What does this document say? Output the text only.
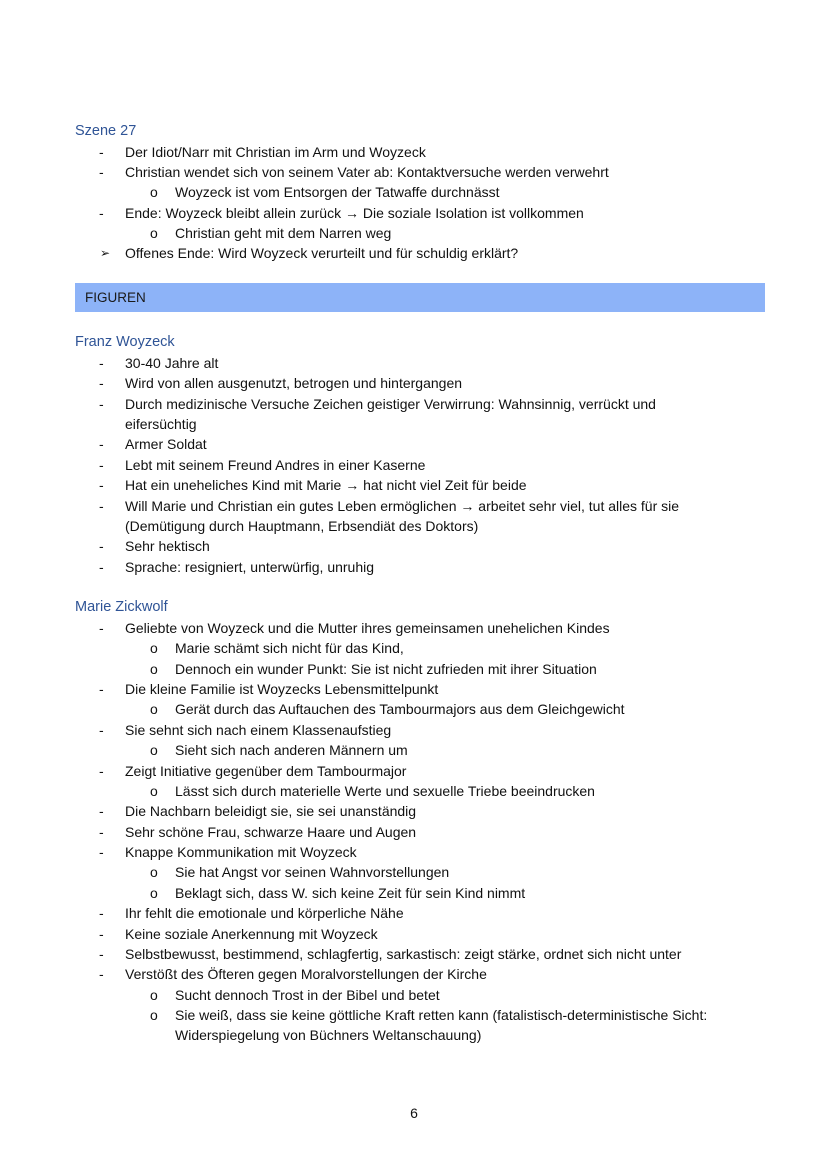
Szene 27
- Der Idiot/Narr mit Christian im Arm und Woyzeck
- Christian wendet sich von seinem Vater ab: Kontaktversuche werden verwehrt
o Woyzeck ist vom Entsorgen der Tatwaffe durchnässt
- Ende: Woyzeck bleibt allein zurück → Die soziale Isolation ist vollkommen
o Christian geht mit dem Narren weg
➢ Offenes Ende: Wird Woyzeck verurteilt und für schuldig erklärt?
FIGUREN
Franz Woyzeck
- 30-40 Jahre alt
- Wird von allen ausgenutzt, betrogen und hintergangen
- Durch medizinische Versuche Zeichen geistiger Verwirrung: Wahnsinnig, verrückt und
eifersüchtig
- Armer Soldat
- Lebt mit seinem Freund Andres in einer Kaserne
- Hat ein uneheliches Kind mit Marie → hat nicht viel Zeit für beide
- Will Marie und Christian ein gutes Leben ermöglichen → arbeitet sehr viel, tut alles für sie
(Demütigung durch Hauptmann, Erbsendiät des Doktors)
- Sehr hektisch
- Sprache: resigniert, unterwürfig, unruhig
Marie Zickwolf
- Geliebte von Woyzeck und die Mutter ihres gemeinsamen unehelichen Kindes
o Marie schämt sich nicht für das Kind,
o Dennoch ein wunder Punkt: Sie ist nicht zufrieden mit ihrer Situation
- Die kleine Familie ist Woyzecks Lebensmittelpunkt
o Gerät durch das Auftauchen des Tambourmajors aus dem Gleichgewicht
- Sie sehnt sich nach einem Klassenaufstieg
o Sieht sich nach anderen Männern um
- Zeigt Initiative gegenüber dem Tambourmajor
o Lässt sich durch materielle Werte und sexuelle Triebe beeindrucken
- Die Nachbarn beleidigt sie, sie sei unanständig
- Sehr schöne Frau, schwarze Haare und Augen
- Knappe Kommunikation mit Woyzeck
o Sie hat Angst vor seinen Wahnvorstellungen
o Beklagt sich, dass W. sich keine Zeit für sein Kind nimmt
- Ihr fehlt die emotionale und körperliche Nähe
- Keine soziale Anerkennung mit Woyzeck
- Selbstbewusst, bestimmend, schlagfertig, sarkastisch: zeigt stärke, ordnet sich nicht unter
- Verstößt des Öfteren gegen Moralvorstellungen der Kirche
o Sucht dennoch Trost in der Bibel und betet
o Sie weiß, dass sie keine göttliche Kraft retten kann (fatalistisch-deterministische Sicht:
Widerspiegelung von Büchners Weltanschauung)
6
